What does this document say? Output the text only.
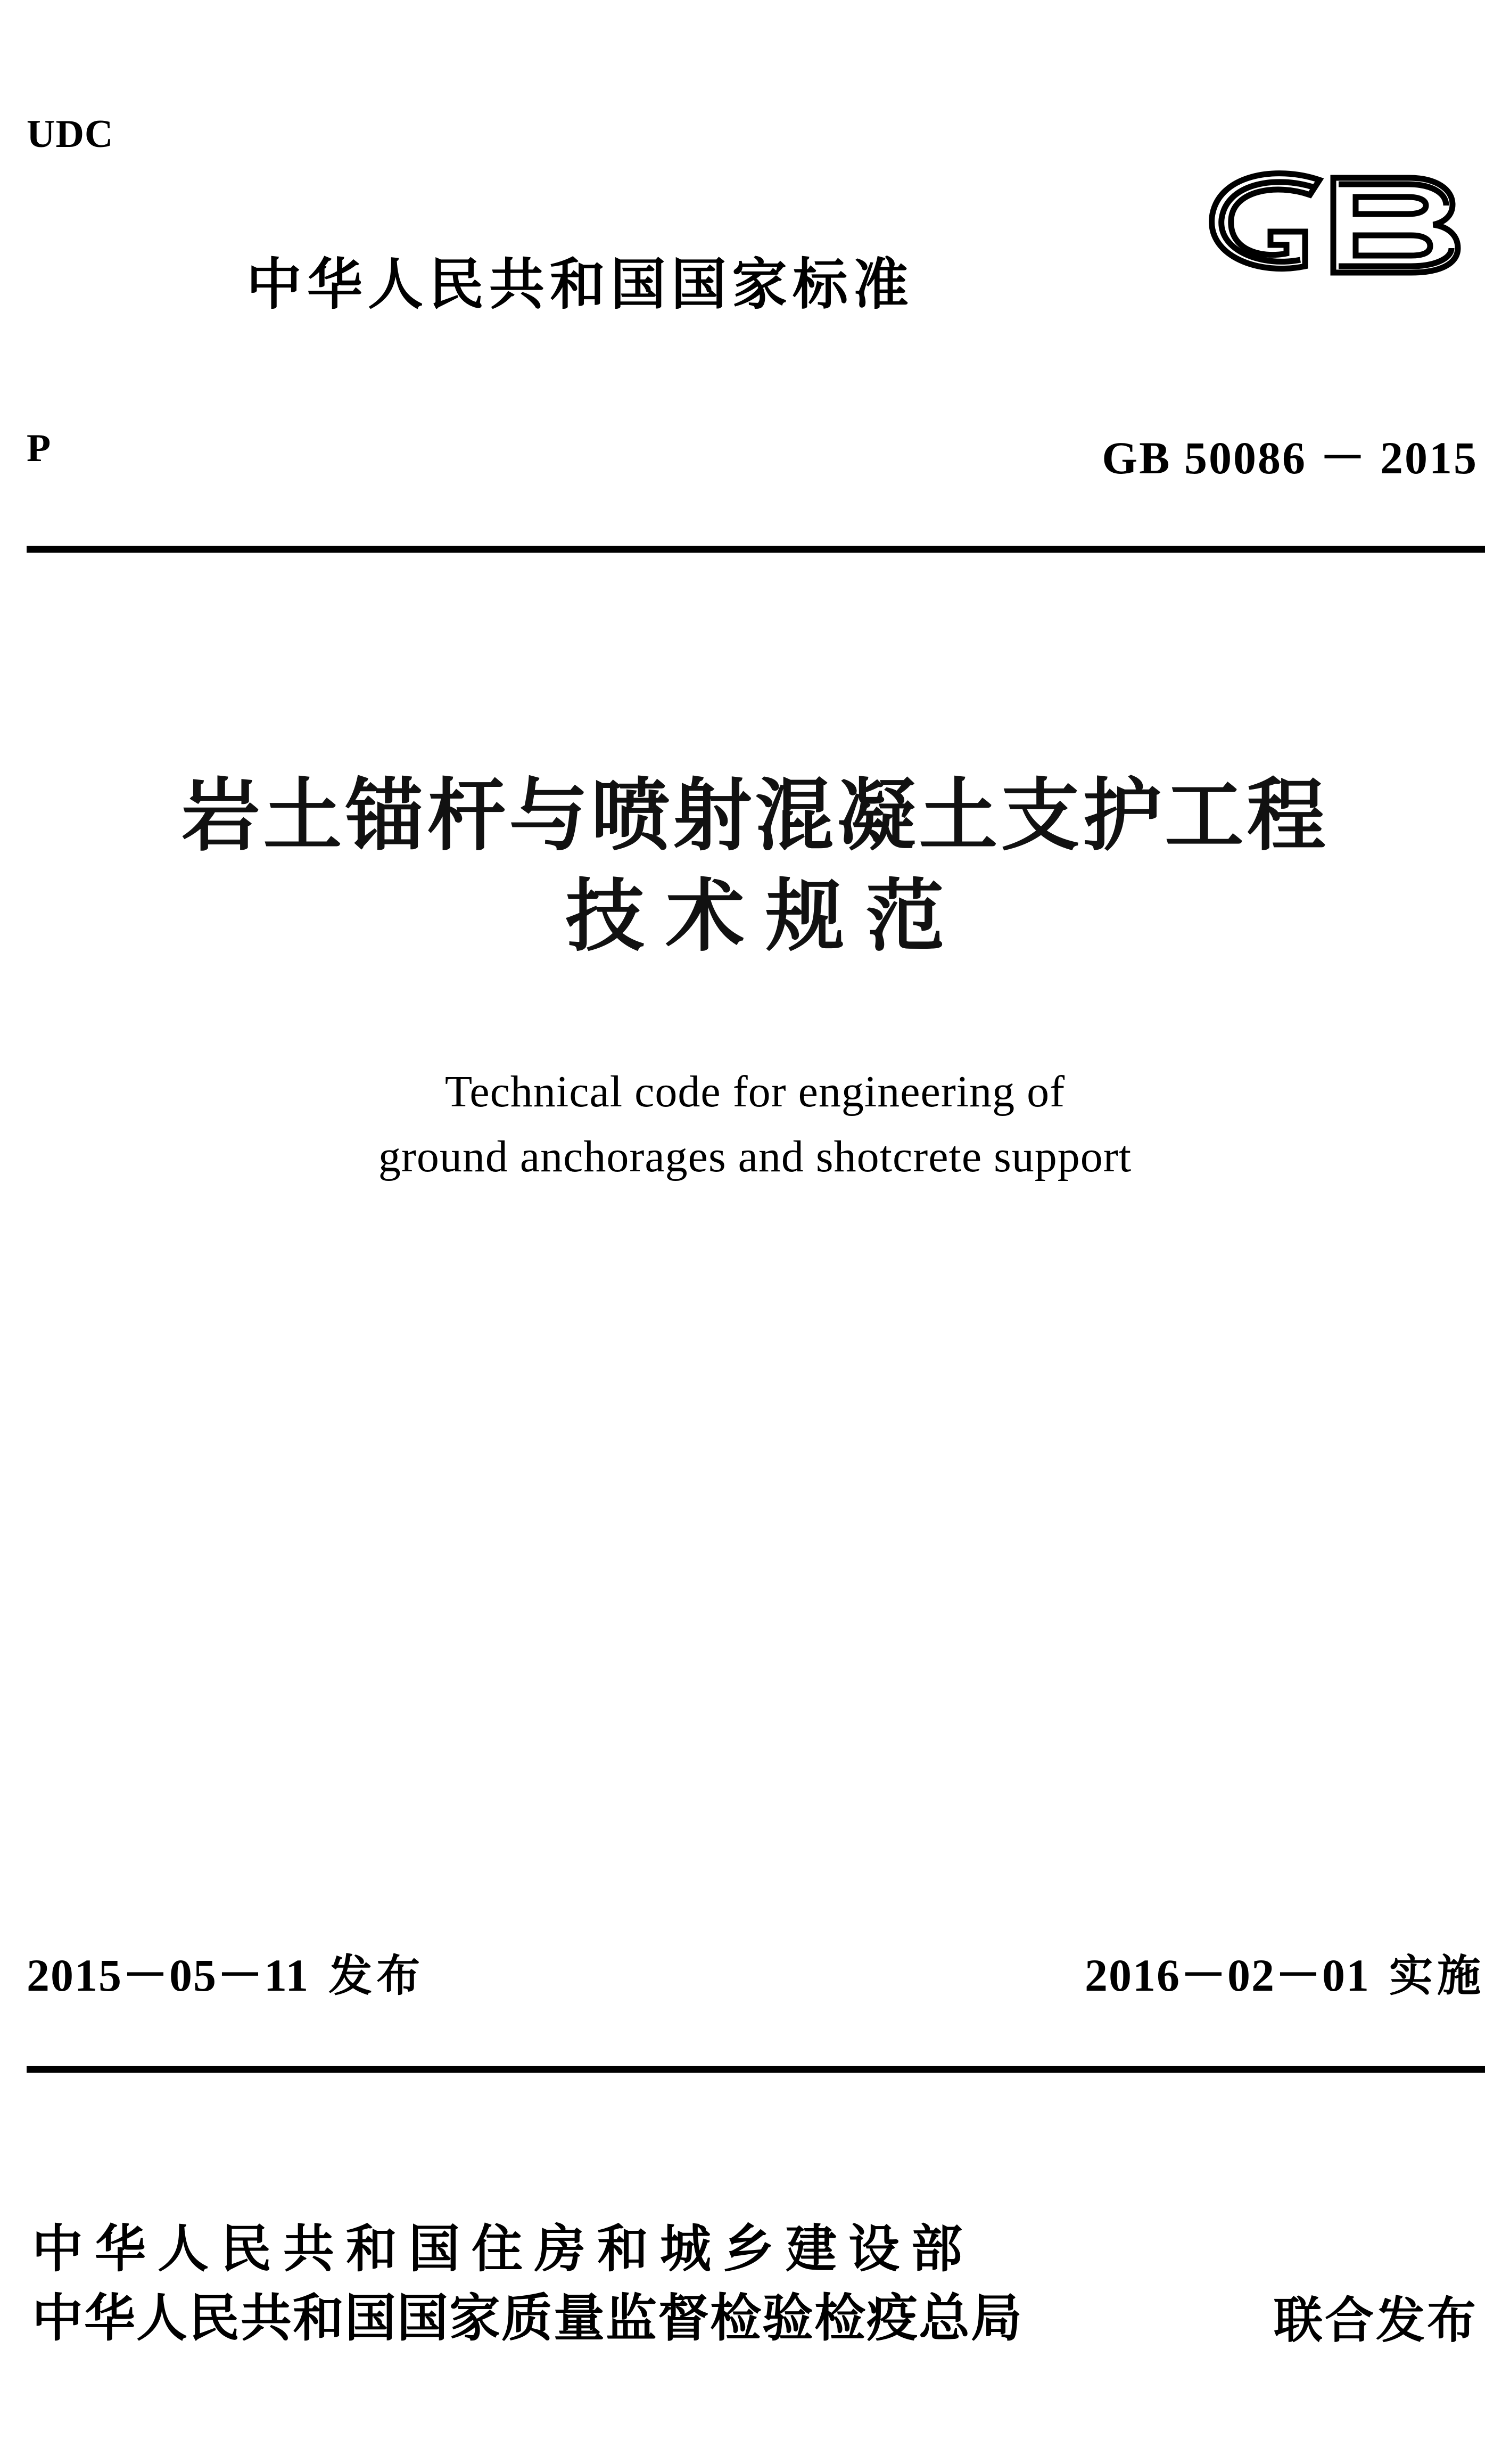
UDC
中华人民共和国国家标准
P	GB 50086 － 2015
岩土锚杆与喷射混凝土支护工程
技术规范
Technical code for engineering of
ground anchorages and shotcrete support
2015－05－11 发布	2016－02－01 实施
中华人民共和国住房和城乡建设部
中华人民共和国国家质量监督检验检疫总局	联合发布
